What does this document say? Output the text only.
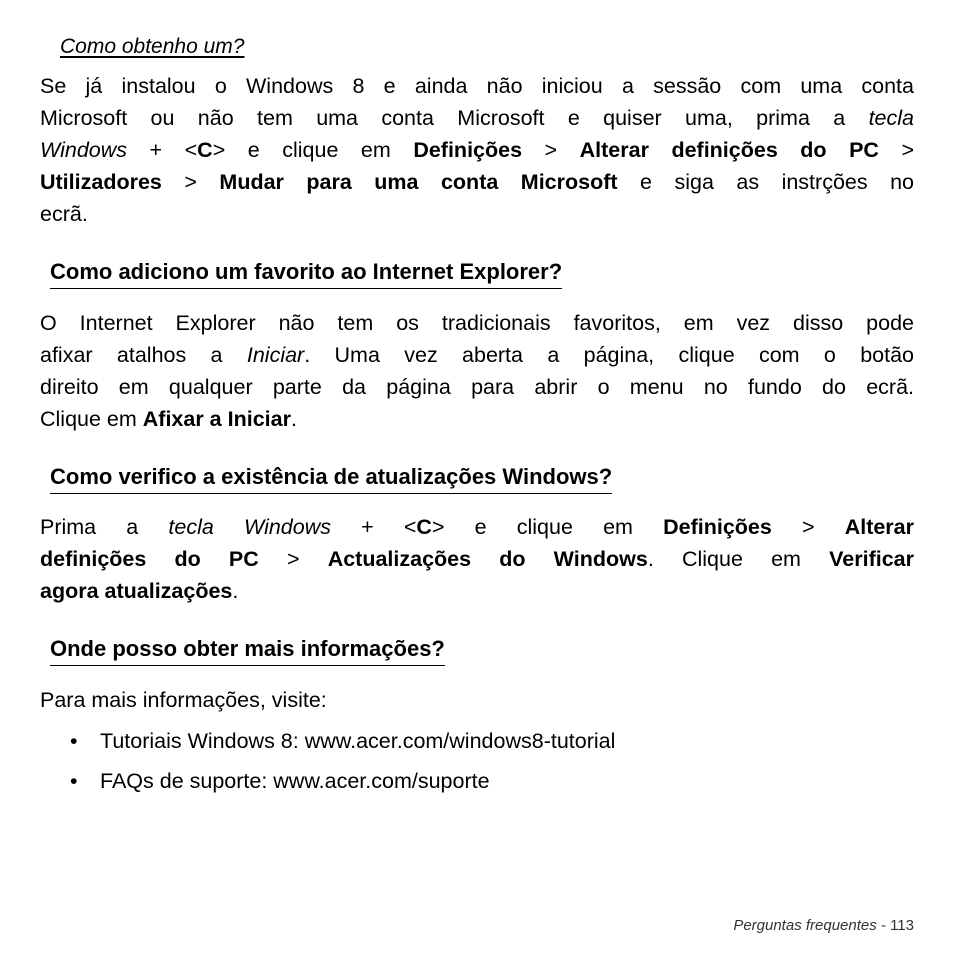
Como obtenho um?
Se já instalou o Windows 8 e ainda não iniciou a sessão com uma conta
Microsoft ou não tem uma conta Microsoft e quiser uma, prima a tecla
Windows + <C> e clique em Definições > Alterar definições do PC >
Utilizadores > Mudar para uma conta Microsoft e siga as instrções no
ecrã.
Como adiciono um favorito ao Internet Explorer?
O Internet Explorer não tem os tradicionais favoritos, em vez disso pode
afixar atalhos a Iniciar. Uma vez aberta a página, clique com o botão
direito em qualquer parte da página para abrir o menu no fundo do ecrã.
Clique em Afixar a Iniciar.
Como verifico a existência de atualizações Windows?
Prima a tecla Windows + <C> e clique em Definições > Alterar
definições do PC > Actualizações do Windows. Clique em Verificar
agora atualizações.
Onde posso obter mais informações?
Para mais informações, visite:
• Tutoriais Windows 8: www.acer.com/windows8-tutorial
• FAQs de suporte: www.acer.com/suporte
Perguntas frequentes - 113
